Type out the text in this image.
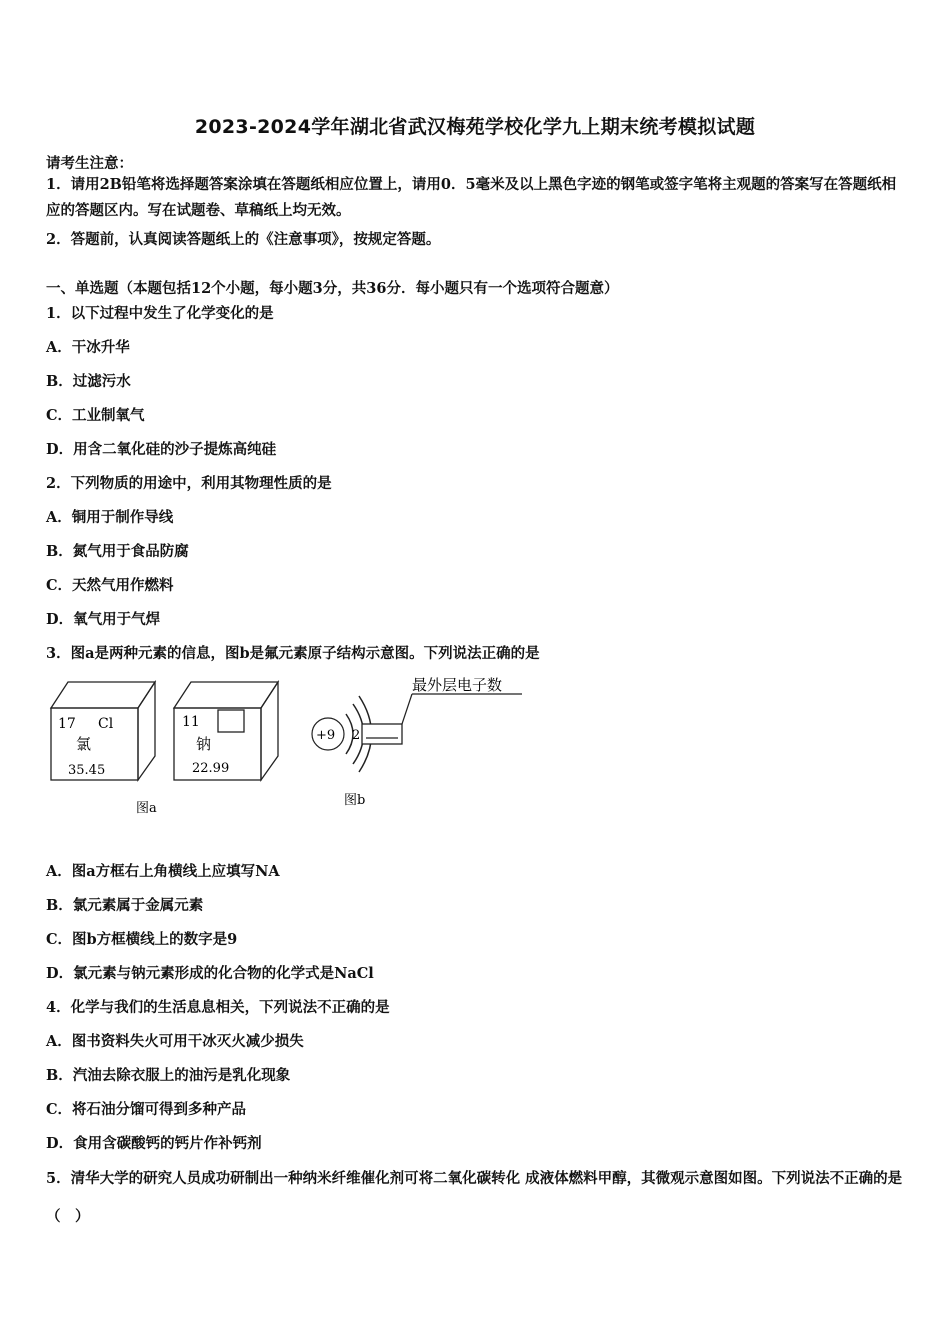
2023-2024学年湖北省武汉梅苑学校化学九上期末统考模拟试题
请考生注意：
1．请用2B铅笔将选择题答案涂填在答题纸相应位置上，请用0．5毫米及以上黑色字迹的钢笔或签字笔将主观题的答案写在答题纸相应的答题区内。写在试题卷、草稿纸上均无效。
2．答题前，认真阅读答题纸上的《注意事项》，按规定答题。
一、单选题（本题包括12个小题，每小题3分，共36分．每小题只有一个选项符合题意）
1．以下过程中发生了化学变化的是
A．干冰升华
B．过滤污水
C．工业制氧气
D．用含二氧化硅的沙子提炼高纯硅
2．下列物质的用途中，利用其物理性质的是
A．铜用于制作导线
B．氮气用于食品防腐
C．天然气用作燃料
D．氧气用于气焊
3．图a是两种元素的信息，图b是氟元素原子结构示意图。下列说法正确的是
17 Cl
氯
35.45
11
钠
22.99
图a
+9 2
最外层电子数
图b
A．图a方框右上角横线上应填写NA
B．氯元素属于金属元素
C．图b方框横线上的数字是9
D．氯元素与钠元素形成的化合物的化学式是NaCl
4．化学与我们的生活息息相关，下列说法不正确的是
A．图书资料失火可用干冰灭火减少损失
B．汽油去除衣服上的油污是乳化现象
C．将石油分馏可得到多种产品
D．食用含碳酸钙的钙片作补钙剂
5．清华大学的研究人员成功研制出一种纳米纤维催化剂可将二氧化碳转化 成液体燃料甲醇，其微观示意图如图。下列说法不正确的是（　）
